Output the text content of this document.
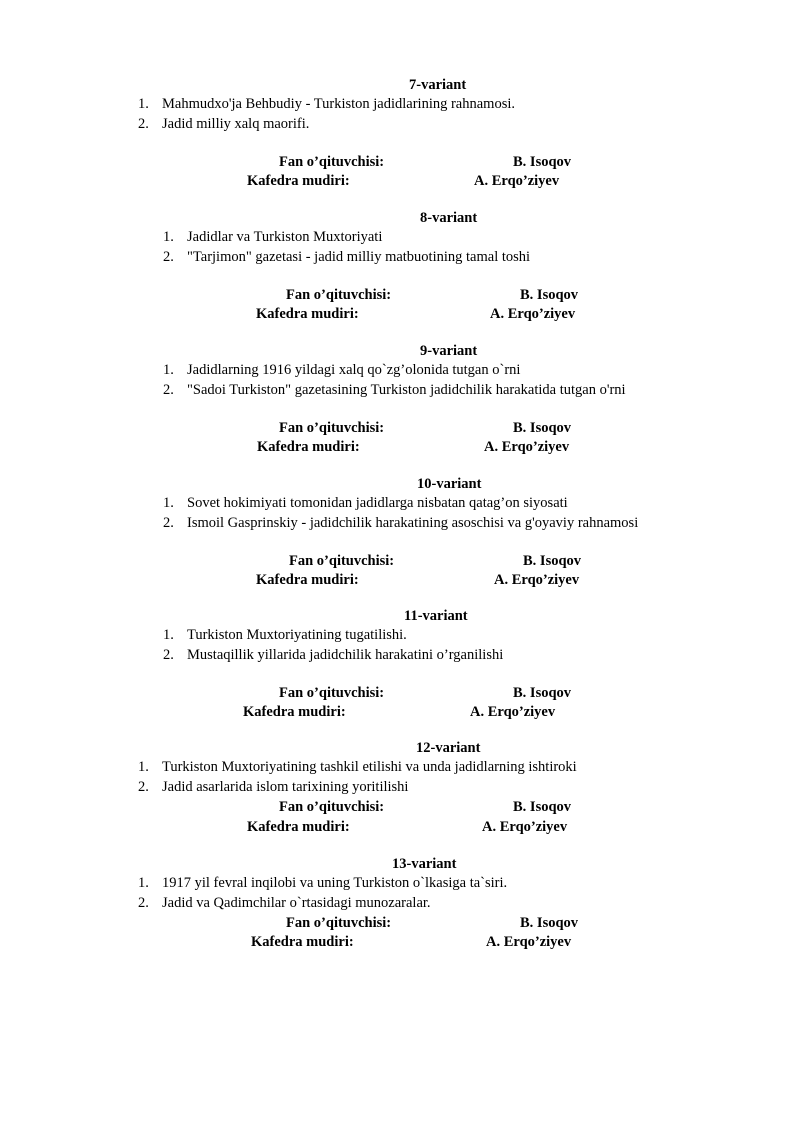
7-variant
1. Mahmudxo'ja Behbudiy - Turkiston jadidlarining rahnamosi.
2. Jadid milliy xalq maorifi.
Fan o’qituvchisi:	B. Isoqov
Kafedra mudiri:	A. Erqo’ziyev
8-variant
1. Jadidlar va Turkiston Muxtoriyati
2. "Tarjimon" gazetasi - jadid milliy matbuotining tamal toshi
Fan o’qituvchisi:	B. Isoqov
Kafedra mudiri:	A. Erqo’ziyev
9-variant
1. Jadidlarning 1916 yildagi xalq qo`zg’olonida tutgan o`rni
2. "Sadoi Turkiston" gazetasining Turkiston jadidchilik harakatida tutgan o'rni
Fan o’qituvchisi:	B. Isoqov
Kafedra mudiri:	A. Erqo’ziyev
10-variant
1. Sovet hokimiyati tomonidan jadidlarga nisbatan qatag’on siyosati
2. Ismoil Gasprinskiy - jadidchilik harakatining asoschisi va g'oyaviy rahnamosi
Fan o’qituvchisi:	B. Isoqov
Kafedra mudiri:	A. Erqo’ziyev
11-variant
1. Turkiston Muxtoriyatining tugatilishi.
2. Mustaqillik yillarida jadidchilik harakatini o’rganilishi
Fan o’qituvchisi:	B. Isoqov
Kafedra mudiri:	A. Erqo’ziyev
12-variant
1. Turkiston Muxtoriyatining tashkil etilishi va unda jadidlarning ishtiroki
2. Jadid asarlarida islom tarixining yoritilishi
Fan o’qituvchisi:	B. Isoqov
Kafedra mudiri:	A. Erqo’ziyev
13-variant
1. 1917 yil fevral inqilobi va uning Turkiston o`lkasiga ta`siri.
2. Jadid va Qadimchilar o`rtasidagi munozaralar.
Fan o’qituvchisi:	B. Isoqov
Kafedra mudiri:	A. Erqo’ziyev
